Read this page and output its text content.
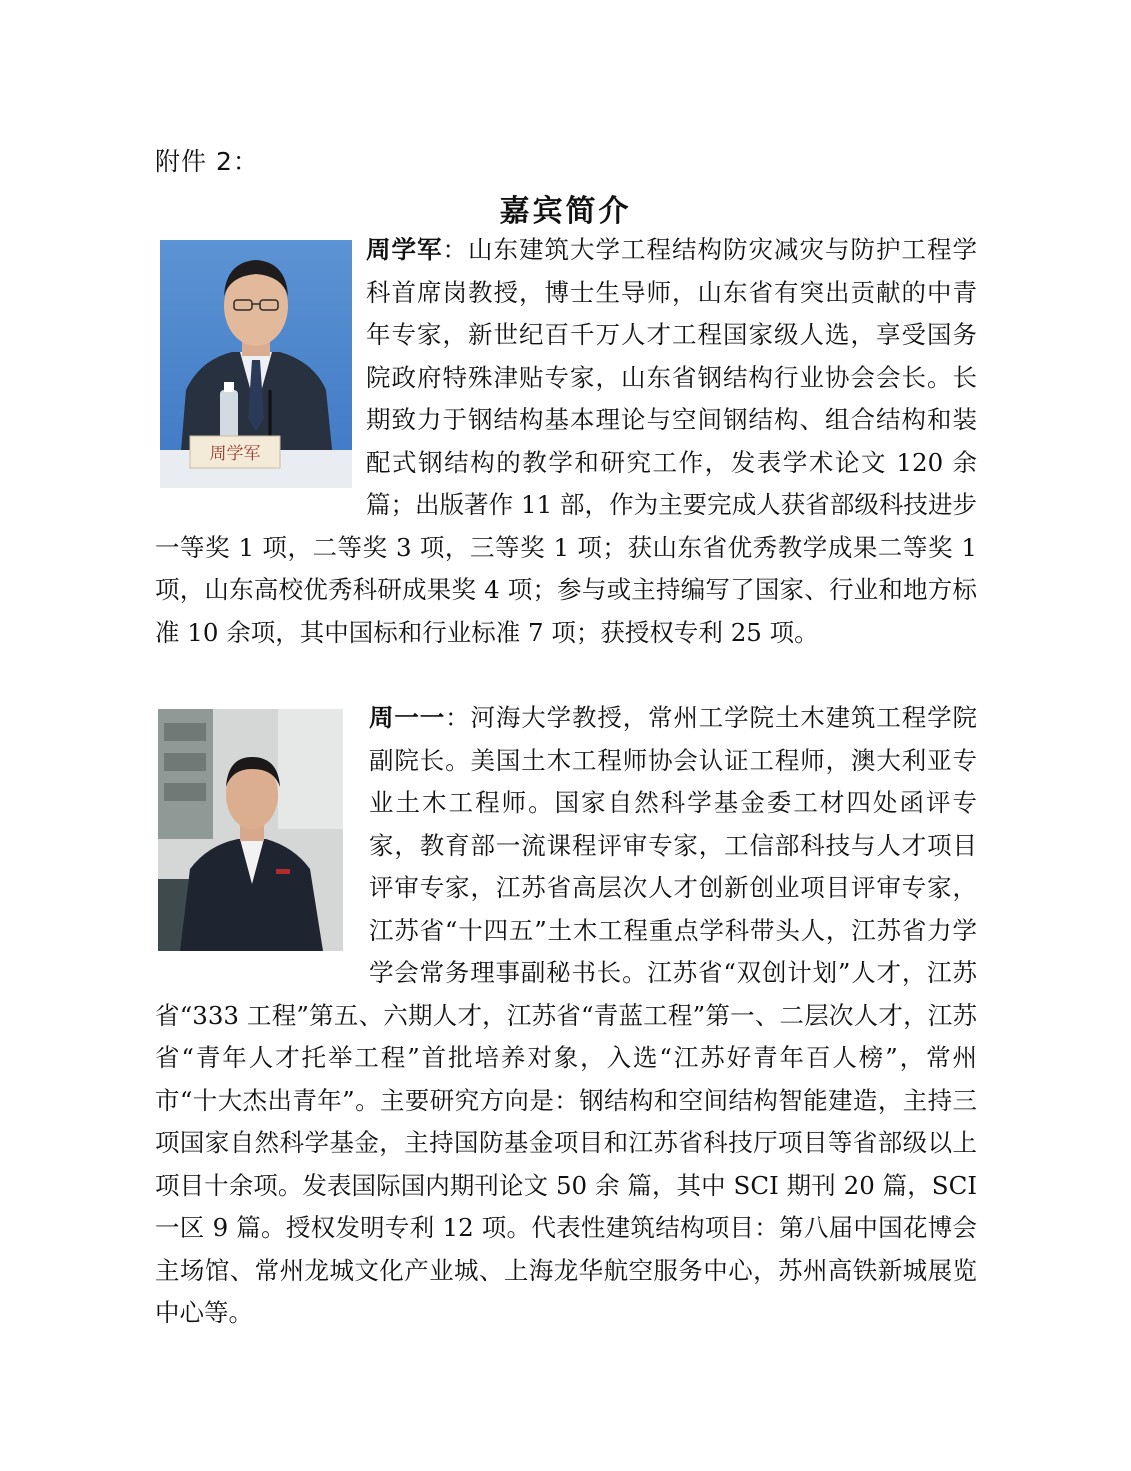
附件 2：
嘉宾简介
周学军
周学军：山东建筑大学工程结构防灾减灾与防护工程学科首席岗教授，博士生导师，山东省有突出贡献的中青年专家，新世纪百千万人才工程国家级人选，享受国务院政府特殊津贴专家，山东省钢结构行业协会会长。长期致力于钢结构基本理论与空间钢结构、组合结构和装配式钢结构的教学和研究工作，发表学术论文 120 余篇；出版著作 11 部，作为主要完成人获省部级科技进步一等奖 1 项，二等奖 3 项，三等奖 1 项；获山东省优秀教学成果二等奖 1 项，山东高校优秀科研成果奖 4 项；参与或主持编写了国家、行业和地方标准 10 余项，其中国标和行业标准 7 项；获授权专利 25 项。
周一一：河海大学教授，常州工学院土木建筑工程学院副院长。美国土木工程师协会认证工程师，澳大利亚专业土木工程师。国家自然科学基金委工材四处函评专家，教育部一流课程评审专家，工信部科技与人才项目评审专家，江苏省高层次人才创新创业项目评审专家，江苏省“十四五”土木工程重点学科带头人，江苏省力学学会常务理事副秘书长。江苏省“双创计划”人才，江苏省“333 工程”第五、六期人才，江苏省“青蓝工程”第一、二层次人才，江苏省“青年人才托举工程”首批培养对象，入选“江苏好青年百人榜”，常州市“十大杰出青年”。主要研究方向是：钢结构和空间结构智能建造，主持三项国家自然科学基金，主持国防基金项目和江苏省科技厅项目等省部级以上项目十余项。发表国际国内期刊论文 50 余 篇，其中 SCI 期刊 20 篇，SCI 一区 9 篇。授权发明专利 12 项。代表性建筑结构项目：第八届中国花博会主场馆、常州龙城文化产业城、上海龙华航空服务中心，苏州高铁新城展览中心等。
